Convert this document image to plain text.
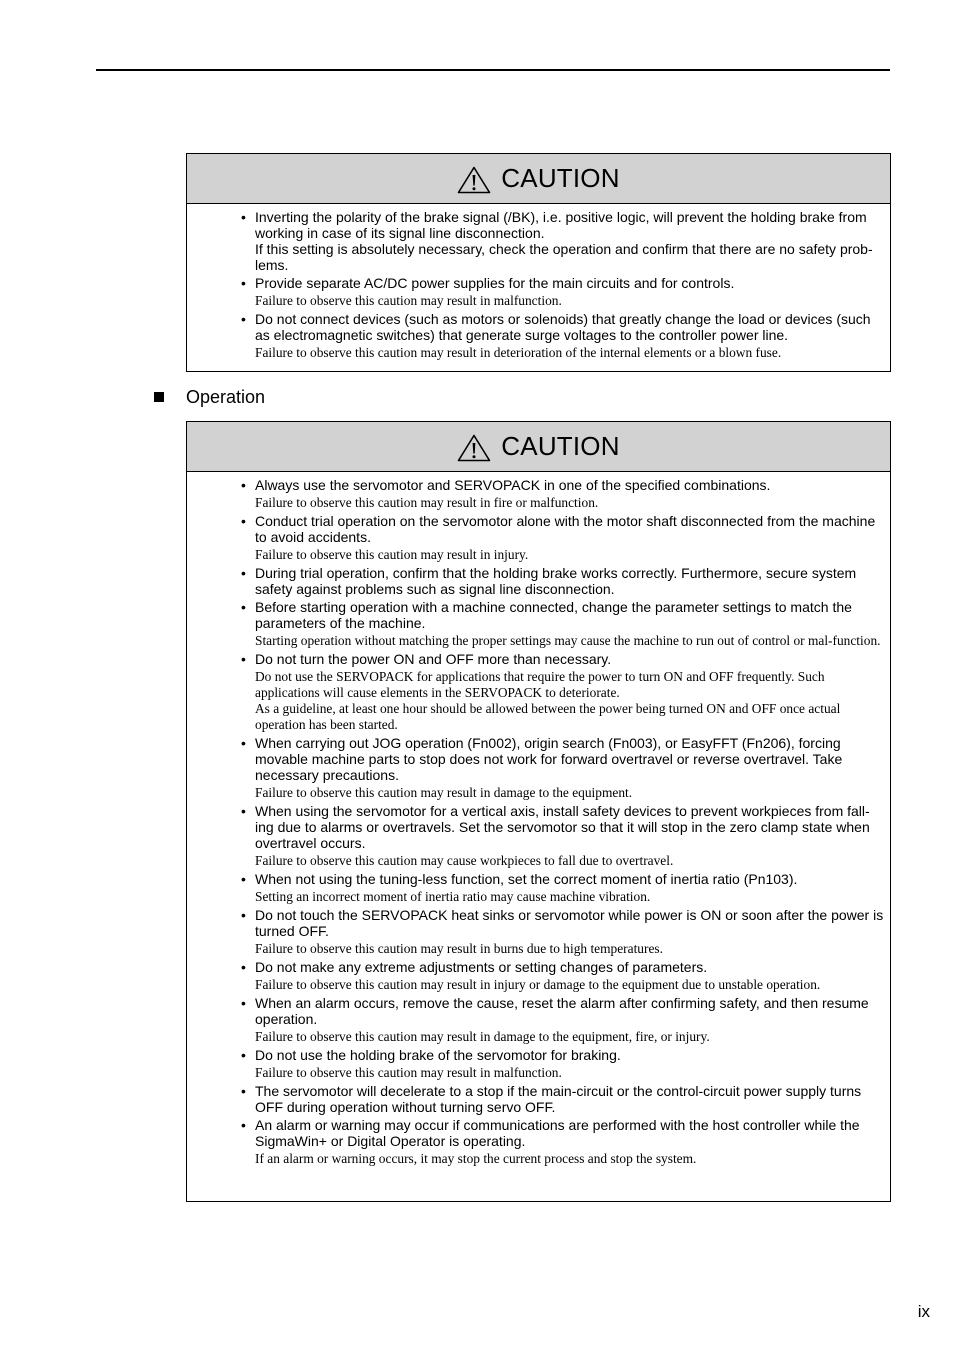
CAUTION
• Inverting the polarity of the brake signal (/BK), i.e. positive logic, will prevent the holding brake from working in case of its signal line disconnection.
If this setting is absolutely necessary, check the operation and confirm that there are no safety prob-lems.
• Provide separate AC/DC power supplies for the main circuits and for controls.
Failure to observe this caution may result in malfunction.
• Do not connect devices (such as motors or solenoids) that greatly change the load or devices (such as electromagnetic switches) that generate surge voltages to the controller power line.
Failure to observe this caution may result in deterioration of the internal elements or a blown fuse.
Operation
CAUTION
• Always use the servomotor and SERVOPACK in one of the specified combinations.
Failure to observe this caution may result in fire or malfunction.
• Conduct trial operation on the servomotor alone with the motor shaft disconnected from the machine to avoid accidents.
Failure to observe this caution may result in injury.
• During trial operation, confirm that the holding brake works correctly. Furthermore, secure system safety against problems such as signal line disconnection.
• Before starting operation with a machine connected, change the parameter settings to match the parameters of the machine.
Starting operation without matching the proper settings may cause the machine to run out of control or mal-function.
• Do not turn the power ON and OFF more than necessary.
Do not use the SERVOPACK for applications that require the power to turn ON and OFF frequently. Such applications will cause elements in the SERVOPACK to deteriorate.
As a guideline, at least one hour should be allowed between the power being turned ON and OFF once actual operation has been started.
• When carrying out JOG operation (Fn002), origin search (Fn003), or EasyFFT (Fn206), forcing movable machine parts to stop does not work for forward overtravel or reverse overtravel. Take necessary precautions.
Failure to observe this caution may result in damage to the equipment.
• When using the servomotor for a vertical axis, install safety devices to prevent workpieces from fall-ing due to alarms or overtravels. Set the servomotor so that it will stop in the zero clamp state when overtravel occurs.
Failure to observe this caution may cause workpieces to fall due to overtravel.
• When not using the tuning-less function, set the correct moment of inertia ratio (Pn103).
Setting an incorrect moment of inertia ratio may cause machine vibration.
• Do not touch the SERVOPACK heat sinks or servomotor while power is ON or soon after the power is turned OFF.
Failure to observe this caution may result in burns due to high temperatures.
• Do not make any extreme adjustments or setting changes of parameters.
Failure to observe this caution may result in injury or damage to the equipment due to unstable operation.
• When an alarm occurs, remove the cause, reset the alarm after confirming safety, and then resume operation.
Failure to observe this caution may result in damage to the equipment, fire, or injury.
• Do not use the holding brake of the servomotor for braking.
Failure to observe this caution may result in malfunction.
• The servomotor will decelerate to a stop if the main-circuit or the control-circuit power supply turns OFF during operation without turning servo OFF.
• An alarm or warning may occur if communications are performed with the host controller while the SigmaWin+ or Digital Operator is operating.
If an alarm or warning occurs, it may stop the current process and stop the system.
ix
